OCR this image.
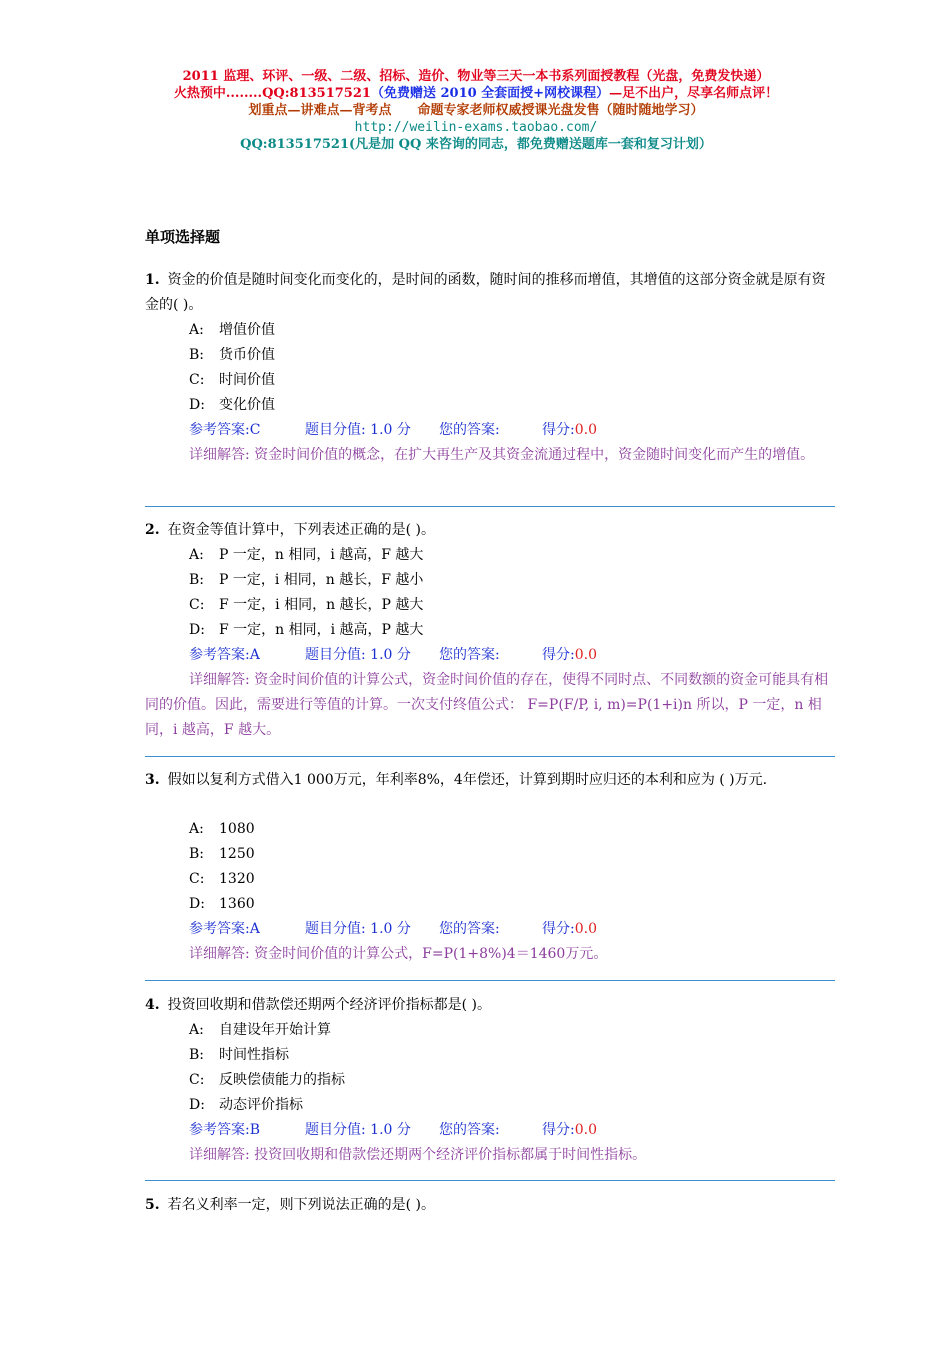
2011 监理、环评、一级、二级、招标、造价、物业等三天一本书系列面授教程（光盘，免费发快递）
火热预中........QQ:813517521（免费赠送 2010 全套面授+网校课程）—足不出户，尽享名师点评！
划重点—讲难点—背考点　　命题专家老师权威授课光盘发售（随时随地学习）
http://weilin-exams.taobao.com/
QQ:813517521(凡是加 QQ 来咨询的同志，都免费赠送题库一套和复习计划）
单项选择题
1. 资金的价值是随时间变化而变化的，是时间的函数，随时间的推移而增值，其增值的这部分资金就是原有资金的( )。
A:	增值价值
B:	货币价值
C:	时间价值
D:	变化价值
参考答案:C	题目分值: 1.0 分 您的答案:	得分:0.0
详细解答: 资金时间价值的概念，在扩大再生产及其资金流通过程中，资金随时间变化而产生的增值。
2. 在资金等值计算中，下列表述正确的是( )。
A:	P 一定，n 相同，i 越高，F 越大
B:	P 一定，i 相同，n 越长，F 越小
C:	F 一定，i 相同，n 越长，P 越大
D:	F 一定，n 相同，i 越高，P 越大
参考答案:A	题目分值: 1.0 分 您的答案:	得分:0.0
详细解答: 资金时间价值的计算公式，资金时间价值的存在，使得不同时点、不同数额的资金可能具有相同的价值。因此，需要进行等值的计算。一次支付终值公式： F=P(F/P, i, m)=P(1+i)n 所以，P 一定，n 相同，i 越高，F 越大。
3. 假如以复利方式借入1 000万元，年利率8%，4年偿还，计算到期时应归还的本利和应为 ( )万元.
A:	1080
B:	1250
C:	1320
D:	1360
参考答案:A	题目分值: 1.0 分 您的答案:	得分:0.0
详细解答: 资金时间价值的计算公式，F=P(1+8%)4＝1460万元。
4. 投资回收期和借款偿还期两个经济评价指标都是( )。
A:	自建设年开始计算
B:	时间性指标
C:	反映偿债能力的指标
D:	动态评价指标
参考答案:B	题目分值: 1.0 分 您的答案:	得分:0.0
详细解答: 投资回收期和借款偿还期两个经济评价指标都属于时间性指标。
5. 若名义利率一定，则下列说法正确的是( )。
